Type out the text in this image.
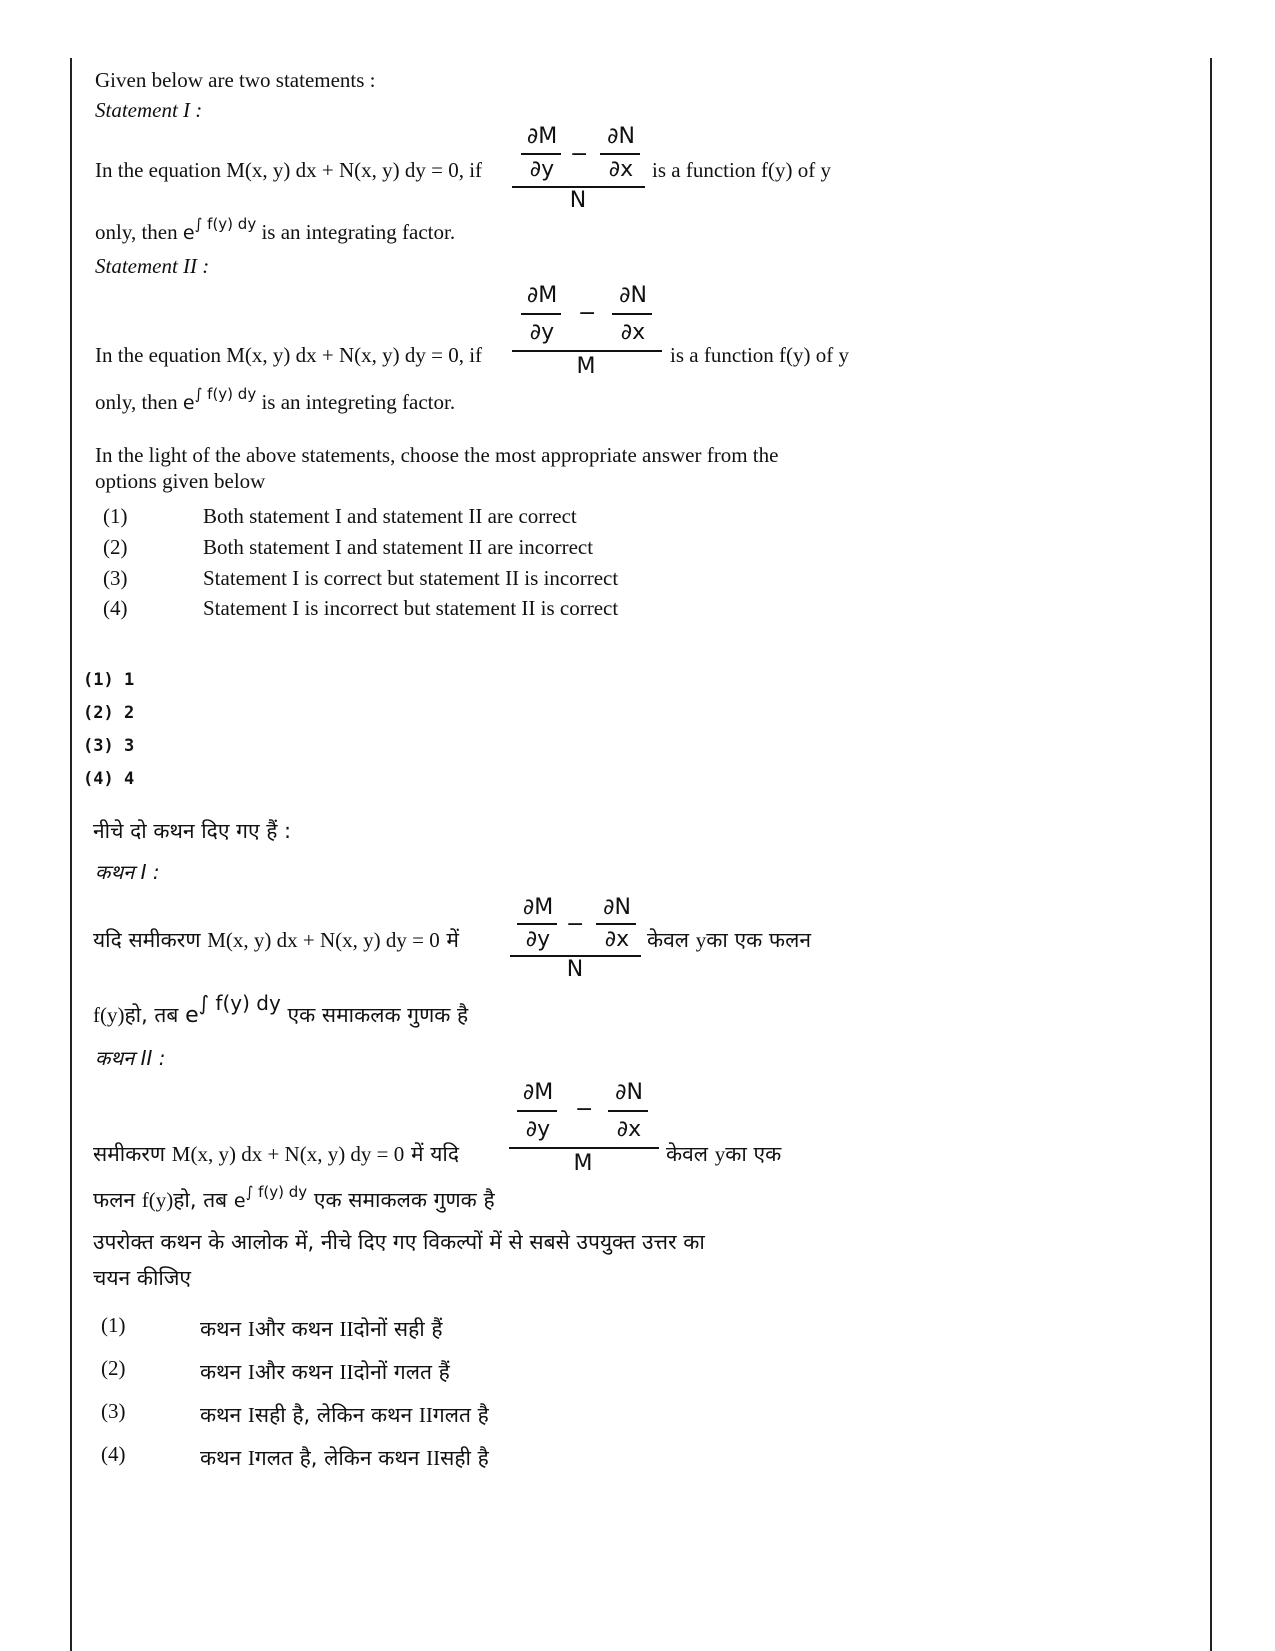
Given below are two statements :
Statement I :
∂M	∂N
−
∂y	∂x
N
In the equation M(x, y) dx + N(x, y) dy = 0, if	is a function f(y) of y
only, then $e^{\int f(y) dy}$ is an integrating factor.
Statement II :
∂M	∂N
−
∂y	∂x
M
In the equation M(x, y) dx + N(x, y) dy = 0, if	is a function f(y) of y
only, then $e^{\int f(y) dy}$ is an integreting factor.
In the light of the above statements, choose the most appropriate answer from the
options given below
(1)	Both statement I and statement II are correct
(2)	Both statement I and statement II are incorrect
(3)	Statement I is correct but statement II is incorrect
(4)	Statement I is incorrect but statement II is correct
(1) 1
(2) 2
(3) 3
(4) 4
नीचे दो कथन दिए गए हैं :
कथन I :
∂M	∂N
−
∂y	∂x
N
यदि समीकरण M(x, y) dx + N(x, y) dy = 0 में	केवल yका एक फलन
f(y)हो, तब e∫ f(y) dy एक समाकलक गुणक है
कथन II :
∂M	∂N
−
∂y	∂x
M
समीकरण M(x, y) dx + N(x, y) dy = 0 में यदि	केवल yका एक
फलन f(y)हो, तब $e^{\int f(y) dy}$ एक समाकलक गुणक है
उपरोक्त कथन के आलोक में, नीचे दिए गए विकल्पों में से सबसे उपयुक्त उत्तर का
चयन कीजिए
(1)	कथन Iऔर कथन IIदोनों सही हैं
(2)	कथन Iऔर कथन IIदोनों गलत हैं
(3)	कथन Iसही है, लेकिन कथन IIगलत है
(4)	कथन Iगलत है, लेकिन कथन IIसही है
